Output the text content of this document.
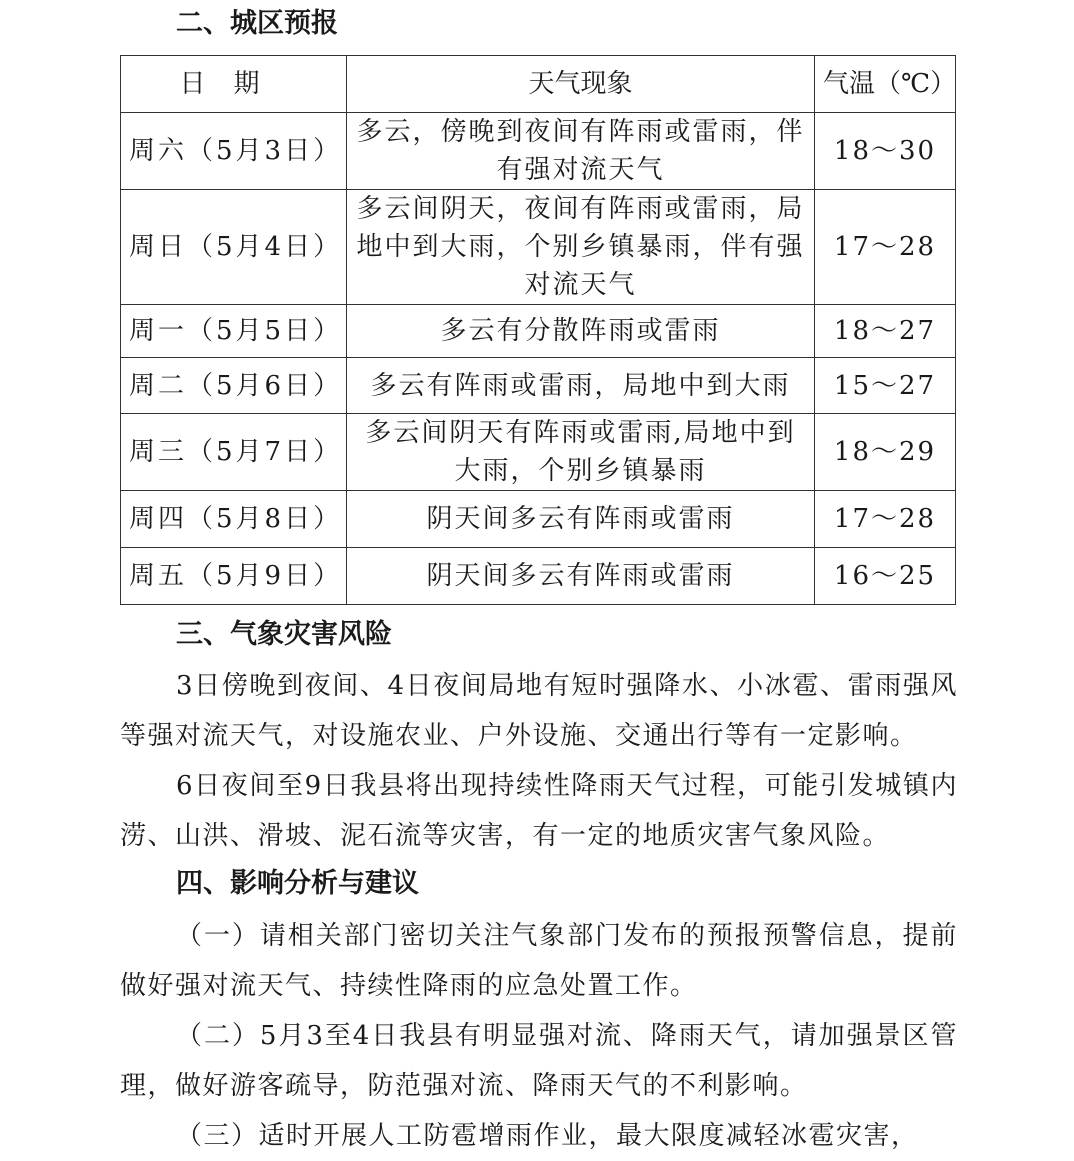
二、城区预报
日期	天气现象	气温（℃）
周六（5月3日）	多云，傍晚到夜间有阵雨或雷雨，伴有强对流天气	18～30
周日（5月4日）	多云间阴天，夜间有阵雨或雷雨，局地中到大雨，个别乡镇暴雨，伴有强对流天气	17～28
周一（5月5日）	多云有分散阵雨或雷雨	18～27
周二（5月6日）	多云有阵雨或雷雨，局地中到大雨	15～27
周三（5月7日）	多云间阴天有阵雨或雷雨,局地中到大雨，个别乡镇暴雨	18～29
周四（5月8日）	阴天间多云有阵雨或雷雨	17～28
周五（5月9日）	阴天间多云有阵雨或雷雨	16～25
三、气象灾害风险

3日傍晚到夜间、4日夜间局地有短时强降水、小冰雹、雷雨强风等强对流天气，对设施农业、户外设施、交通出行等有一定影响。

6日夜间至9日我县将出现持续性降雨天气过程，可能引发城镇内涝、山洪、滑坡、泥石流等灾害，有一定的地质灾害气象风险。

四、影响分析与建议

（一）请相关部门密切关注气象部门发布的预报预警信息，提前做好强对流天气、持续性降雨的应急处置工作。

（二）5月3至4日我县有明显强对流、降雨天气，请加强景区管理，做好游客疏导，防范强对流、降雨天气的不利影响。

（三）适时开展人工防雹增雨作业，最大限度减轻冰雹灾害，
